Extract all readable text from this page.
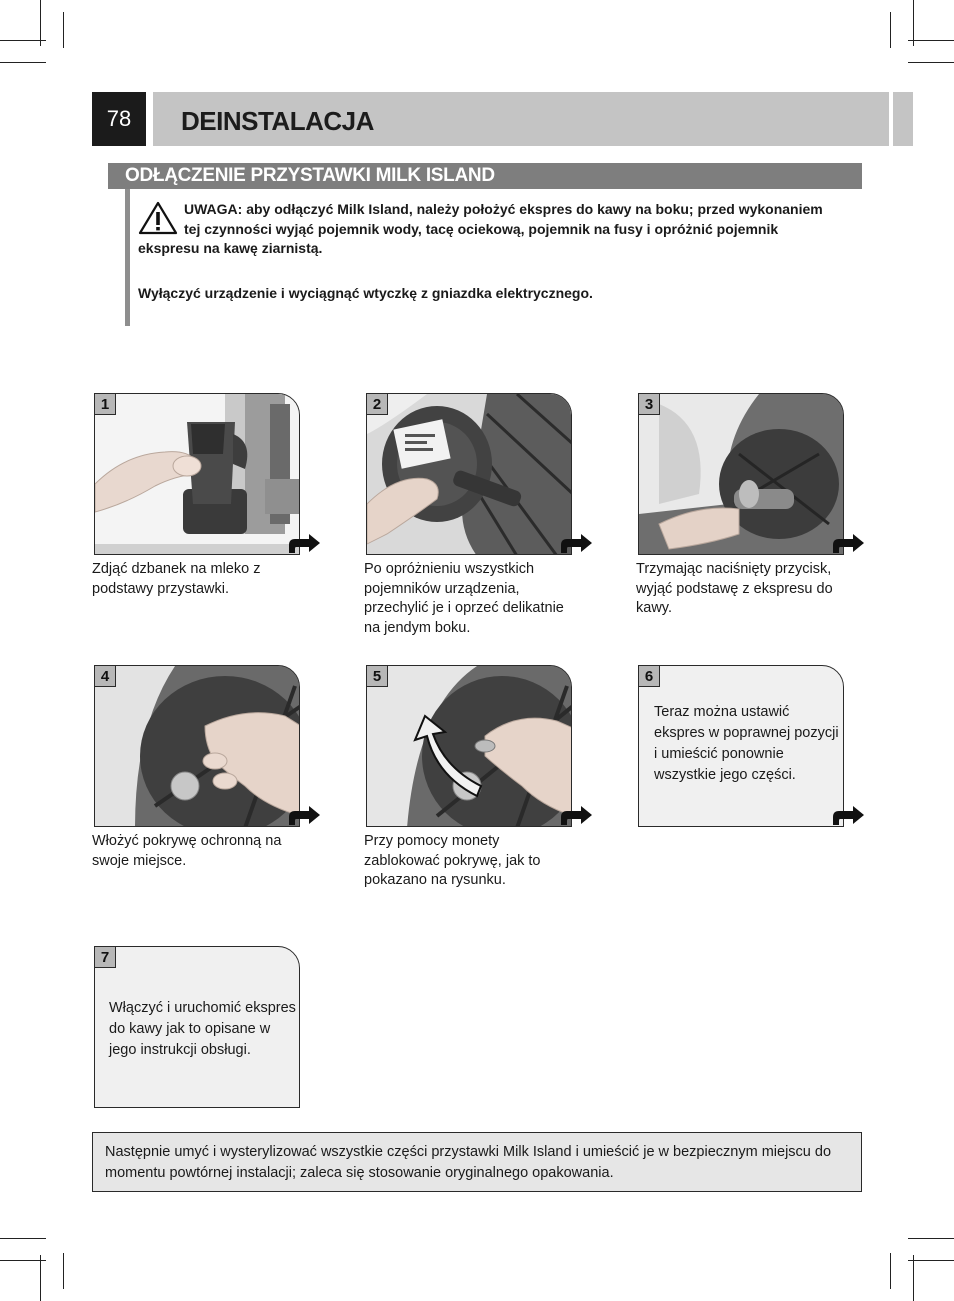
78	DEINSTALACJA
ODŁĄCZENIE PRZYSTAWKI MILK ISLAND
UWAGA: aby odłączyć Milk Island, należy położyć ekspres do kawy na boku; przed wykonaniem
tej czynności wyjąć pojemnik wody, tacę ociekową, pojemnik na fusy i opróżnić pojemnik
ekspresu na kawę ziarnistą.
Wyłączyć urządzenie i wyciągnąć wtyczkę z gniazdka elektrycznego.
1
Zdjąć dzbanek na mleko z podstawy przystawki.
2
Po opróżnieniu wszystkich pojemników urządzenia, przechylić je i oprzeć delikatnie na jendym boku.
3
Trzymając naciśnięty przycisk, wyjąć podstawę z ekspresu do kawy.
4
Włożyć pokrywę ochronną na swoje miejsce.
5
Przy pomocy monety zablokować pokrywę, jak to pokazano na rysunku.
6
Teraz można ustawić ekspres w poprawnej pozycji i umieścić ponownie wszystkie jego części.
7
Włączyć i uruchomić ekspres do kawy jak to opisane w jego instrukcji obsługi.
Następnie umyć i wysterylizować wszystkie części przystawki Milk Island i umieścić je w bezpiecznym miejscu do momentu powtórnej instalacji; zaleca się stosowanie oryginalnego opakowania.
